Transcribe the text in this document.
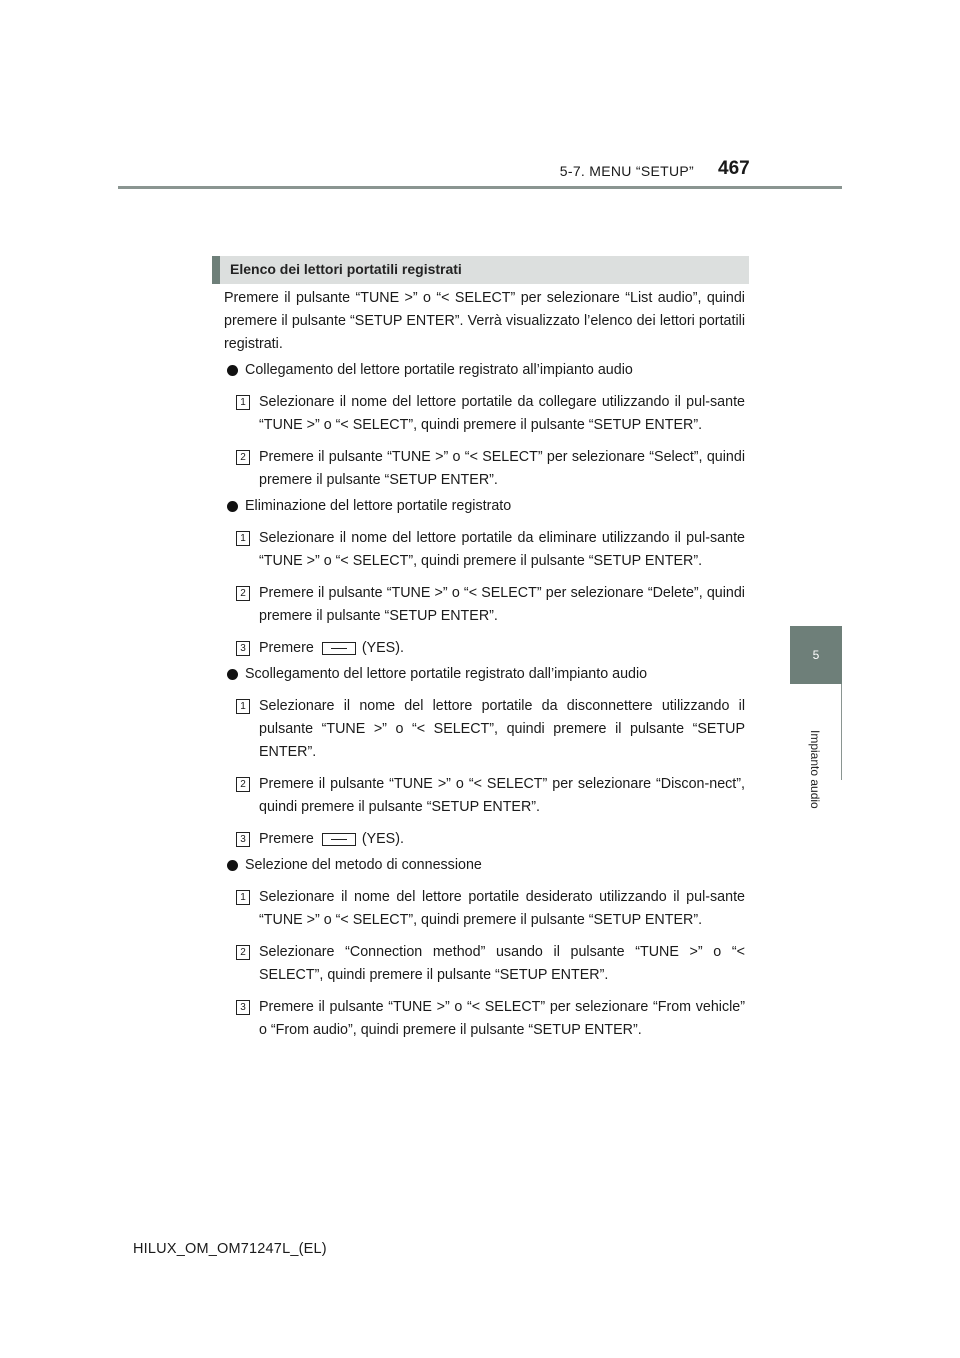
5-7. MENU “SETUP” 467
5
Impianto audio
Elenco dei lettori portatili registrati

Premere il pulsante “TUNE >” o “< SELECT” per selezionare “List audio”, quindi premere il pulsante “SETUP ENTER”. Verrà visualizzato l’elenco dei lettori portatili registrati.

Collegamento del lettore portatile registrato all’impianto audio
1 Selezionare il nome del lettore portatile da collegare utilizzando il pul-sante “TUNE >” o “< SELECT”, quindi premere il pulsante “SETUP ENTER”.
2 Premere il pulsante “TUNE >” o “< SELECT” per selezionare “Select”, quindi premere il pulsante “SETUP ENTER”.
Eliminazione del lettore portatile registrato
1 Selezionare il nome del lettore portatile da eliminare utilizzando il pul-sante “TUNE >” o “< SELECT”, quindi premere il pulsante “SETUP ENTER”.
2 Premere il pulsante “TUNE >” o “< SELECT” per selezionare “Delete”, quindi premere il pulsante “SETUP ENTER”.
3 Premere	(YES).
Scollegamento del lettore portatile registrato dall’impianto audio
1 Selezionare il nome del lettore portatile da disconnettere utilizzando il pulsante “TUNE >” o “< SELECT”, quindi premere il pulsante “SETUP ENTER”.
2 Premere il pulsante “TUNE >” o “< SELECT” per selezionare “Discon-nect”, quindi premere il pulsante “SETUP ENTER”.
3 Premere	(YES).
Selezione del metodo di connessione
1 Selezionare il nome del lettore portatile desiderato utilizzando il pul-sante “TUNE >” o “< SELECT”, quindi premere il pulsante “SETUP ENTER”.
2 Selezionare “Connection method” usando il pulsante “TUNE >” o “< SELECT”, quindi premere il pulsante “SETUP ENTER”.
3 Premere il pulsante “TUNE >” o “< SELECT” per selezionare “From vehicle” o “From audio”, quindi premere il pulsante “SETUP ENTER”.
HILUX_OM_OM71247L_(EL)
